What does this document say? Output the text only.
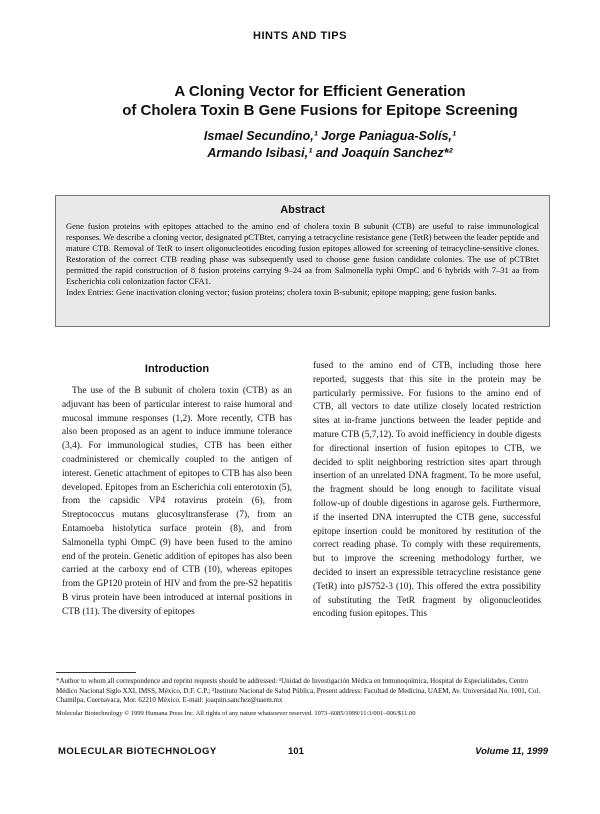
HINTS AND TIPS
A Cloning Vector for Efficient Generation
of Cholera Toxin B Gene Fusions for Epitope Screening
Ismael Secundino,¹ Jorge Paniagua-Solís,¹
Armando Isibasi,¹ and Joaquín Sanchez*²
Abstract
Gene fusion proteins with epitopes attached to the amino end of cholera toxin B subunit (CTB) are useful to raise immunological responses. We describe a cloning vector, designated pCTBtet, carrying a tetracycline resistance gene (TetR) between the leader peptide and mature CTB. Removal of TetR to insert oligonucleotides encoding fusion epitopes allowed for screening of tetracycline-sensitive clones. Restoration of the correct CTB reading phase was subsequently used to choose gene fusion candidate colonies. The use of pCTBtet permitted the rapid construction of 8 fusion proteins carrying 9–24 aa from Salmonella typhi OmpC and 6 hybrids with 7–31 aa from Escherichia coli colonization factor CFA1.
Index Entries: Gene inactivation cloning vector; fusion proteins; cholera toxin B-subunit; epitope mapping; gene fusion banks.
Introduction

The use of the B subunit of cholera toxin (CTB) as an adjuvant has been of particular interest to raise humoral and mucosal immune responses (1,2). More recently, CTB has also been proposed as an agent to induce immune tolerance (3,4). For immunological studies, CTB has been either coadministered or chemically coupled to the antigen of interest. Genetic attachment of epitopes to CTB has also been developed. Epitopes from an Escherichia coli enterotoxin (5), from the capsidic VP4 rotavirus protein (6), from Streptococcus mutans glucosyltransferase (7), from an Entamoeba histolytica surface protein (8), and from Salmonella typhi OmpC (9) have been fused to the amino end of the protein. Genetic addition of epitopes has also been carried at the carboxy end of CTB (10), whereas epitopes from the GP120 protein of HIV and from the pre-S2 hepatitis B virus protein have been introduced at internal positions in CTB (11). The diversity of epitopes

fused to the amino end of CTB, including those here reported, suggests that this site in the protein may be particularly permissive. For fusions to the amino end of CTB, all vectors to date utilize closely located restriction sites at in-frame junctions between the leader peptide and mature CTB (5,7,12). To avoid inefficiency in double digests for directional insertion of fusion epitopes to CTB, we decided to split neighboring restriction sites apart through insertion of an unrelated DNA fragment. To be more useful, the fragment should be long enough to facilitate visual follow-up of double digestions in agarose gels. Furthermore, if the inserted DNA interrupted the CTB gene, successful epitope insertion could be monitored by restitution of the correct reading phase. To comply with these requirements, but to improve the screening methodology further, we decided to insert an expressible tetracycline resistance gene (TetR) into pJS752-3 (10). This offered the extra possibility of substituting the TetR fragment by oligonucleotides encoding fusion epitopes. This

*Author to whom all correspondence and reprint requests should be addressed: ¹Unidad de Investigación Médica en Inmunoquímica, Hospital de Especialidades, Centro Médico Nacional Siglo XXI, IMSS, México, D.F. C.P.; ²Instituto Nacional de Salud Pública, Present address: Facultad de Medicina, UAEM, Av. Universidad No. 1001, Col. Chamilpa, Cuernavaca, Mor. 62210 México. E-mail: joaquin.sanchez@uaem.mx
Molecular Biotechnology © 1999 Humana Press Inc. All rights of any nature whatsoever reserved. 1073–6085/1999/11:3/001–006/$11.00
MOLECULAR BIOTECHNOLOGY	101	Volume 11, 1999
